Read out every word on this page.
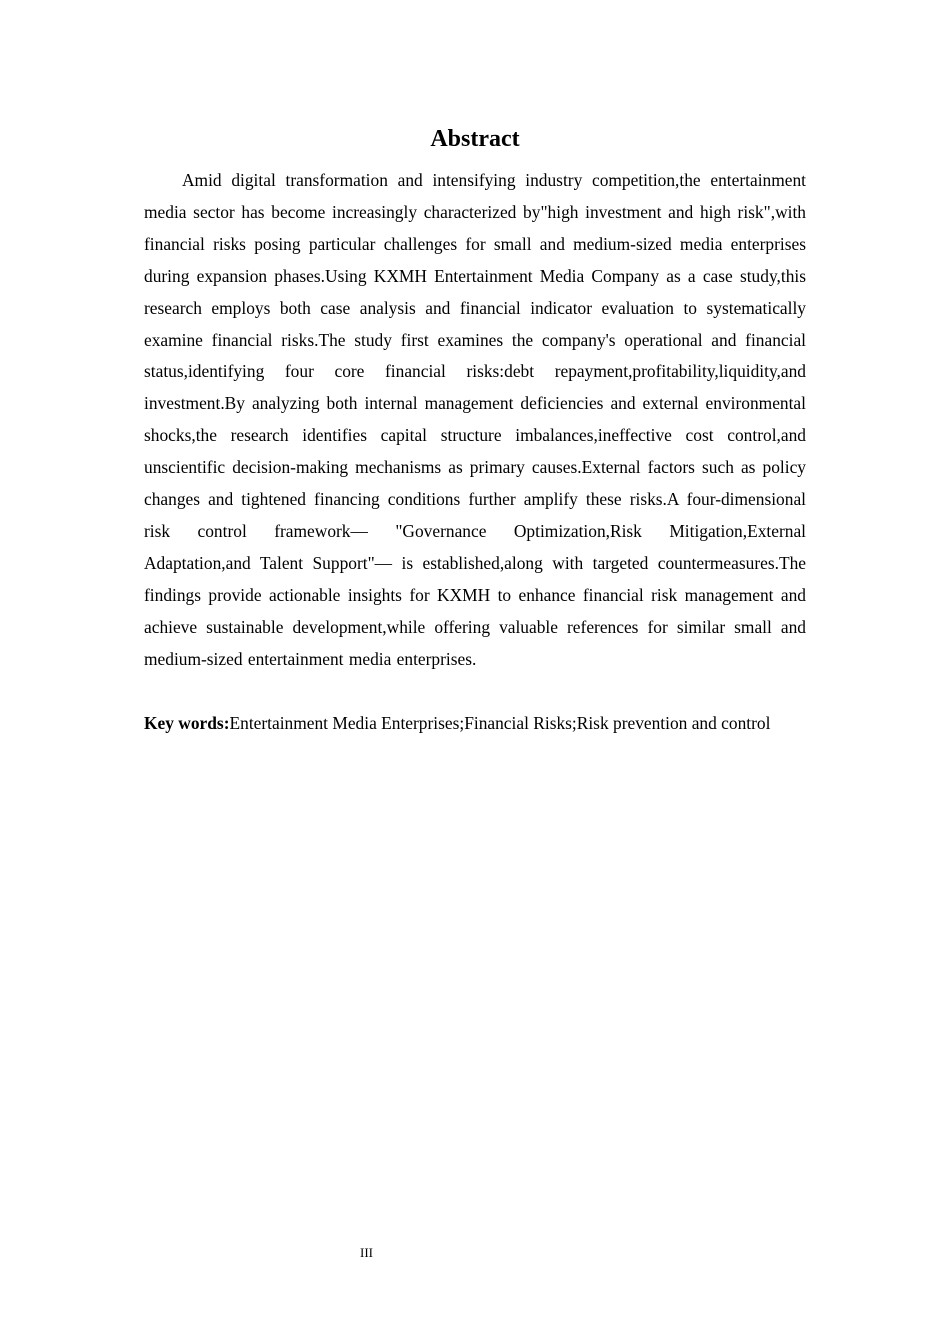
Abstract

Amid digital transformation and intensifying industry competition,the entertainment media sector has become increasingly characterized by"high investment and high risk",with financial risks posing particular challenges for small and medium-sized media enterprises during expansion phases.Using KXMH Entertainment Media Company as a case study,this research employs both case analysis and financial indicator evaluation to systematically examine financial risks.The study first examines the company's operational and financial status,identifying four core financial risks:debt repayment,profitability,liquidity,and investment.By analyzing both internal management deficiencies and external environmental shocks,the research identifies capital structure imbalances,ineffective cost control,and unscientific decision-making mechanisms as primary causes.External factors such as policy changes and tightened financing conditions further amplify these risks.A four-dimensional risk control framework— "Governance Optimization,Risk Mitigation,External Adaptation,and Talent Support"— is established,along with targeted countermeasures.The findings provide actionable insights for KXMH to enhance financial risk management and achieve sustainable development,while offering valuable references for similar small and medium-sized entertainment media enterprises.

Key words:Entertainment Media Enterprises;Financial Risks;Risk prevention and control

III
